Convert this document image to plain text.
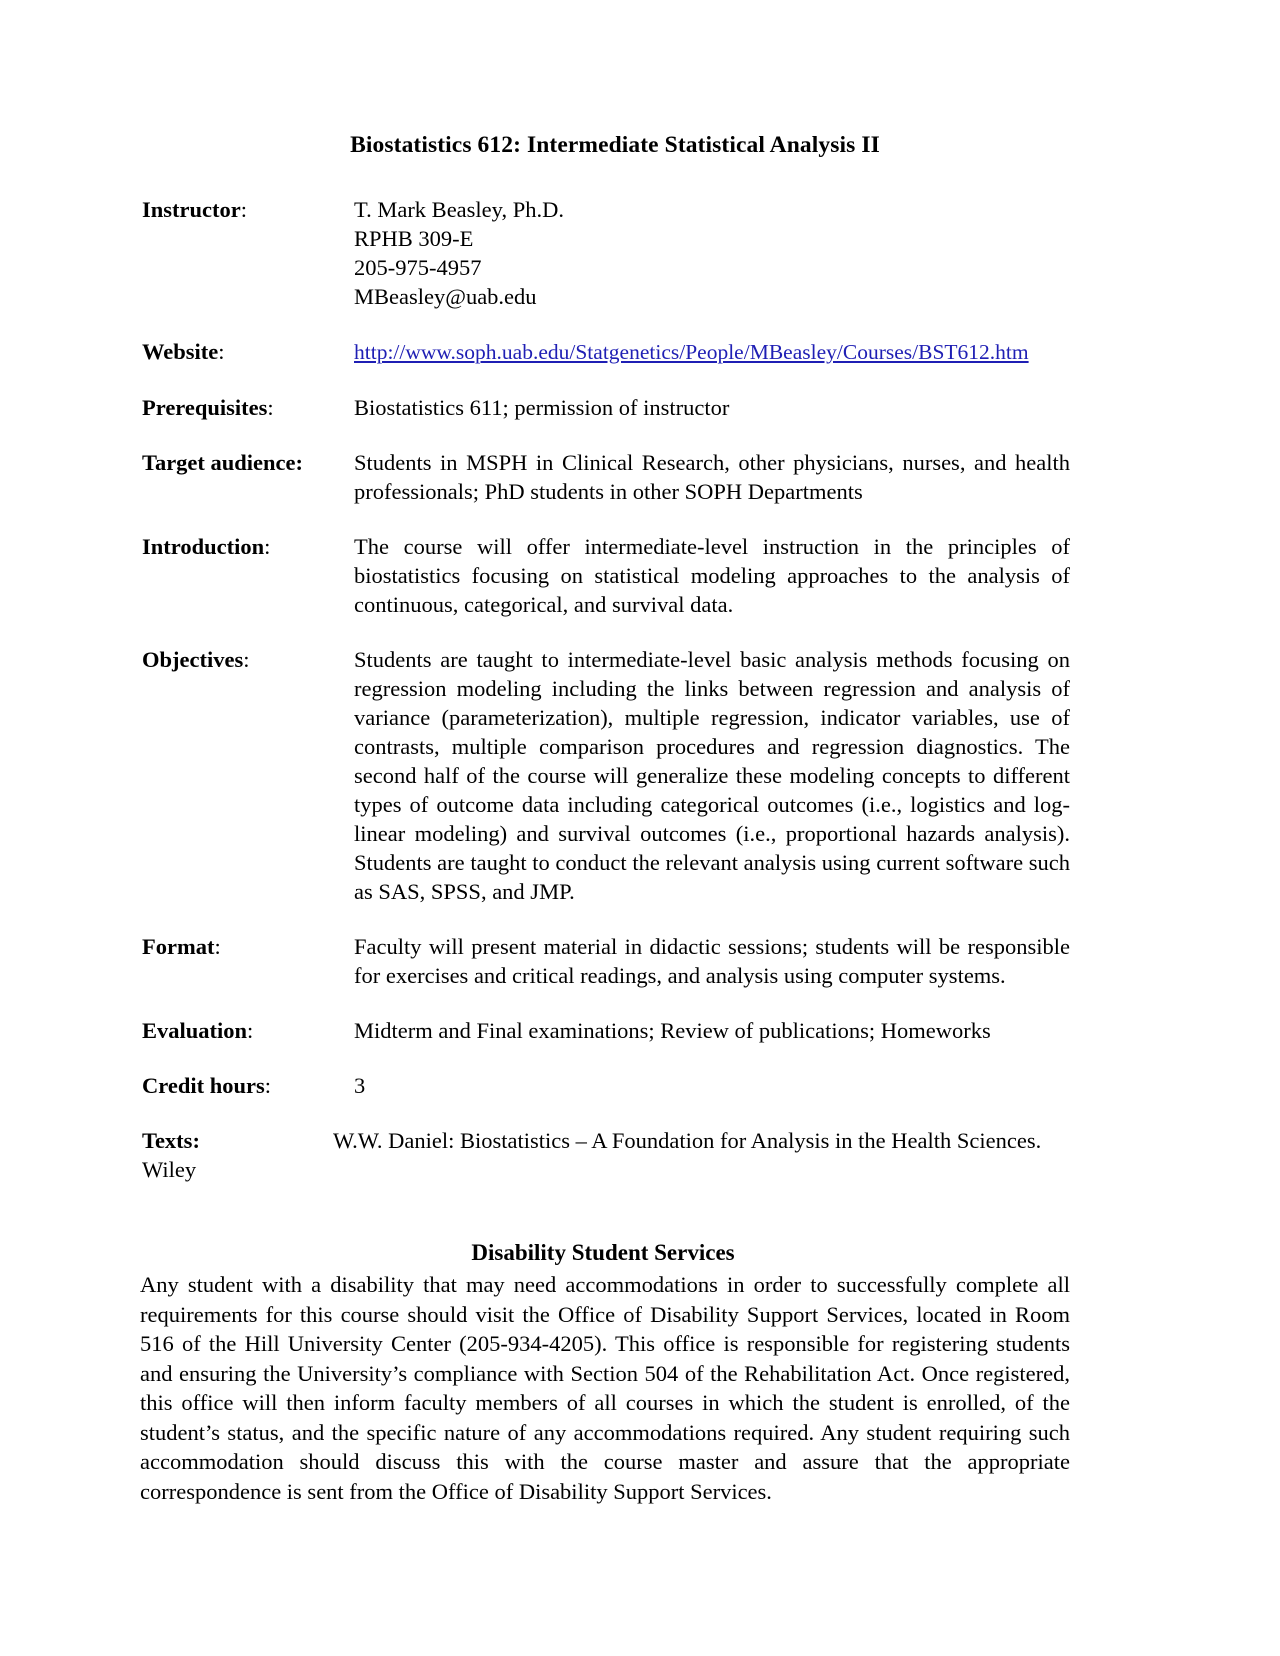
Biostatistics 612: Intermediate Statistical Analysis II
Instructor:	T. Mark Beasley, Ph.D.
RPHB 309-E
205-975-4957
MBeasley@uab.edu
Website:	http://www.soph.uab.edu/Statgenetics/People/MBeasley/Courses/BST612.htm
Prerequisites:	Biostatistics 611; permission of instructor
Target audience:	Students in MSPH in Clinical Research, other physicians, nurses, and health professionals; PhD students in other SOPH Departments
Introduction:	The course will offer intermediate-level instruction in the principles of biostatistics focusing on statistical modeling approaches to the analysis of continuous, categorical, and survival data.
Objectives:	Students are taught to intermediate-level basic analysis methods focusing on regression modeling including the links between regression and analysis of variance (parameterization), multiple regression, indicator variables, use of contrasts, multiple comparison procedures and regression diagnostics. The second half of the course will generalize these modeling concepts to different types of outcome data including categorical outcomes (i.e., logistics and log-linear modeling) and survival outcomes (i.e., proportional hazards analysis). Students are taught to conduct the relevant analysis using current software such as SAS, SPSS, and JMP.
Format:	Faculty will present material in didactic sessions; students will be responsible for exercises and critical readings, and analysis using computer systems.
Evaluation:	Midterm and Final examinations; Review of publications; Homeworks
Credit hours:	3
Texts:	W.W. Daniel: Biostatistics – A Foundation for Analysis in the Health Sciences. Wiley
Disability Student Services
Any student with a disability that may need accommodations in order to successfully complete all requirements for this course should visit the Office of Disability Support Services, located in Room 516 of the Hill University Center (205-934-4205). This office is responsible for registering students and ensuring the University’s compliance with Section 504 of the Rehabilitation Act. Once registered, this office will then inform faculty members of all courses in which the student is enrolled, of the student’s status, and the specific nature of any accommodations required. Any student requiring such accommodation should discuss this with the course master and assure that the appropriate correspondence is sent from the Office of Disability Support Services.
